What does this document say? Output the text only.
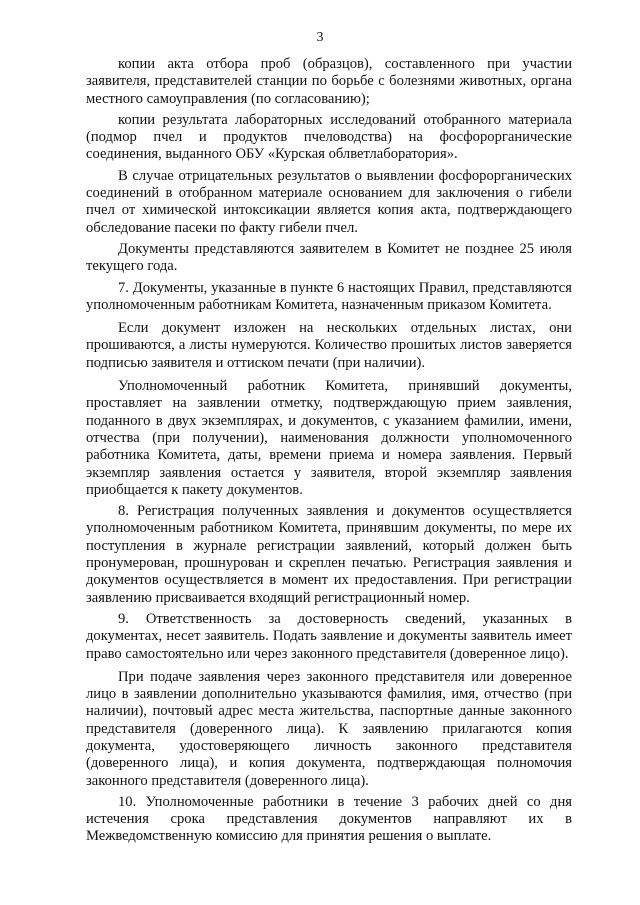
3

копии акта отбора проб (образцов), составленного при участии заявителя, представителей станции по борьбе с болезнями животных, органа местного самоуправления (по согласованию);

копии результата лабораторных исследований отобранного материала (подмор пчел и продуктов пчеловодства) на фосфорорганические соединения, выданного ОБУ «Курская облветлаборатория».

В случае отрицательных результатов о выявлении фосфорорганических соединений в отобранном материале основанием для заключения о гибели пчел от химической интоксикации является копия акта, подтверждающего обследование пасеки по факту гибели пчел.

Документы представляются заявителем в Комитет не позднее 25 июля текущего года.

7. Документы, указанные в пункте 6 настоящих Правил, представляются уполномоченным работникам Комитета, назначенным приказом Комитета.

Если документ изложен на нескольких отдельных листах, они прошиваются, а листы нумеруются. Количество прошитых листов заверяется подписью заявителя и оттиском печати (при наличии).

Уполномоченный работник Комитета, принявший документы, проставляет на заявлении отметку, подтверждающую прием заявления, поданного в двух экземплярах, и документов, с указанием фамилии, имени, отчества (при получении), наименования должности уполномоченного работника Комитета, даты, времени приема и номера заявления. Первый экземпляр заявления остается у заявителя, второй экземпляр заявления приобщается к пакету документов.

8. Регистрация полученных заявления и документов осуществляется уполномоченным работником Комитета, принявшим документы, по мере их поступления в журнале регистрации заявлений, который должен быть пронумерован, прошнурован и скреплен печатью. Регистрация заявления и документов осуществляется в момент их предоставления. При регистрации заявлению присваивается входящий регистрационный номер.

9. Ответственность за достоверность сведений, указанных в документах, несет заявитель. Подать заявление и документы заявитель имеет право самостоятельно или через законного представителя (доверенное лицо).

При подаче заявления через законного представителя или доверенное лицо в заявлении дополнительно указываются фамилия, имя, отчество (при наличии), почтовый адрес места жительства, паспортные данные законного представителя (доверенного лица). К заявлению прилагаются копия документа, удостоверяющего личность законного представителя (доверенного лица), и копия документа, подтверждающая полномочия законного представителя (доверенного лица).

10. Уполномоченные работники в течение 3 рабочих дней со дня истечения срока представления документов направляют их в Межведомственную комиссию для принятия решения о выплате.
